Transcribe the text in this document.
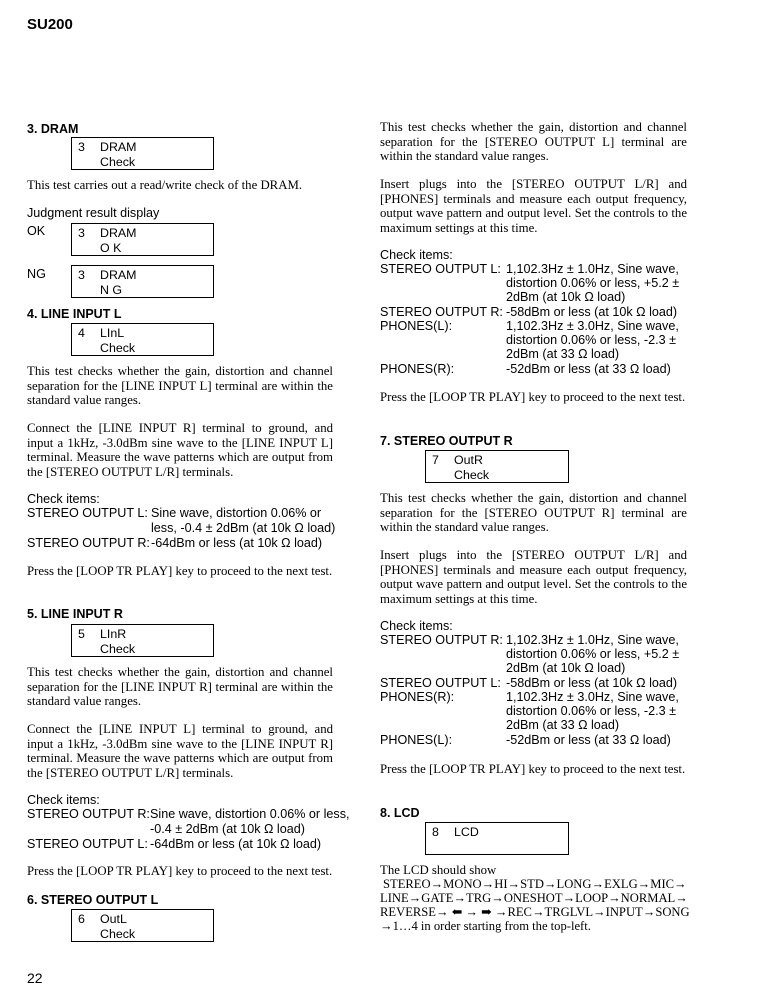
SU200
22
3. DRAM
3 DRAM
Check
This test carries out a read/write check of the DRAM.
Judgment result display
OK	3 DRAM
O K
NG	3 DRAM
N G
4. LINE INPUT L
4 LInL
Check
This test checks whether the gain, distortion and channel separation for the [LINE INPUT L] terminal are within the standard value ranges.
Connect the [LINE INPUT R] terminal to ground, and input a 1kHz, -3.0dBm sine wave to the [LINE INPUT L] terminal. Measure the wave patterns which are output from the [STEREO OUTPUT L/R] terminals.
Check items:
STEREO OUTPUT L: Sine wave, distortion 0.06% or
less, -0.4 ± 2dBm (at 10k Ω load)
STEREO OUTPUT R: -64dBm or less (at 10k Ω load)
Press the [LOOP TR PLAY] key to proceed to the next test.
5. LINE INPUT R
5 LInR
Check
This test checks whether the gain, distortion and channel separation for the [LINE INPUT R] terminal are within the standard value ranges.
Connect the [LINE INPUT L] terminal to ground, and input a 1kHz, -3.0dBm sine wave to the [LINE INPUT R] terminal. Measure the wave patterns which are output from the [STEREO OUTPUT L/R] terminals.
Check items:
STEREO OUTPUT R: Sine wave, distortion 0.06% or less,
-0.4 ± 2dBm (at 10k Ω load)
STEREO OUTPUT L: -64dBm or less (at 10k Ω load)
Press the [LOOP TR PLAY] key to proceed to the next test.
6. STEREO OUTPUT L
6 OutL
Check
This test checks whether the gain, distortion and channel separation for the [STEREO OUTPUT L] terminal are within the standard value ranges.
Insert plugs into the [STEREO OUTPUT L/R] and [PHONES] terminals and measure each output frequency, output wave pattern and output level. Set the controls to the maximum settings at this time.
Check items:
STEREO OUTPUT L: 1,102.3Hz ± 1.0Hz, Sine wave,
distortion 0.06% or less, +5.2 ±
2dBm (at 10k Ω load)
STEREO OUTPUT R: -58dBm or less (at 10k Ω load)
PHONES(L):	1,102.3Hz ± 3.0Hz, Sine wave,
distortion 0.06% or less, -2.3 ±
2dBm (at 33 Ω load)
PHONES(R):	-52dBm or less (at 33 Ω load)
Press the [LOOP TR PLAY] key to proceed to the next test.
7. STEREO OUTPUT R
7 OutR
Check
This test checks whether the gain, distortion and channel separation for the [STEREO OUTPUT R] terminal are within the standard value ranges.
Insert plugs into the [STEREO OUTPUT L/R] and [PHONES] terminals and measure each output frequency, output wave pattern and output level. Set the controls to the maximum settings at this time.
Check items:
STEREO OUTPUT R: 1,102.3Hz ± 1.0Hz, Sine wave,
distortion 0.06% or less, +5.2 ±
2dBm (at 10k Ω load)
STEREO OUTPUT L: -58dBm or less (at 10k Ω load)
PHONES(R):	1,102.3Hz ± 3.0Hz, Sine wave,
distortion 0.06% or less, -2.3 ±
2dBm (at 33 Ω load)
PHONES(L):	-52dBm or less (at 33 Ω load)
Press the [LOOP TR PLAY] key to proceed to the next test.
8. LCD
8 LCD
The LCD should show
STEREO→MONO→HI→STD→LONG→EXLG→MIC→
LINE→GATE→TRG→ONESHOT→LOOP→NORMAL→
REVERSE→ ⬅ → ➡ →REC→TRGLVL→INPUT→SONG
→1…4 in order starting from the top-left.
